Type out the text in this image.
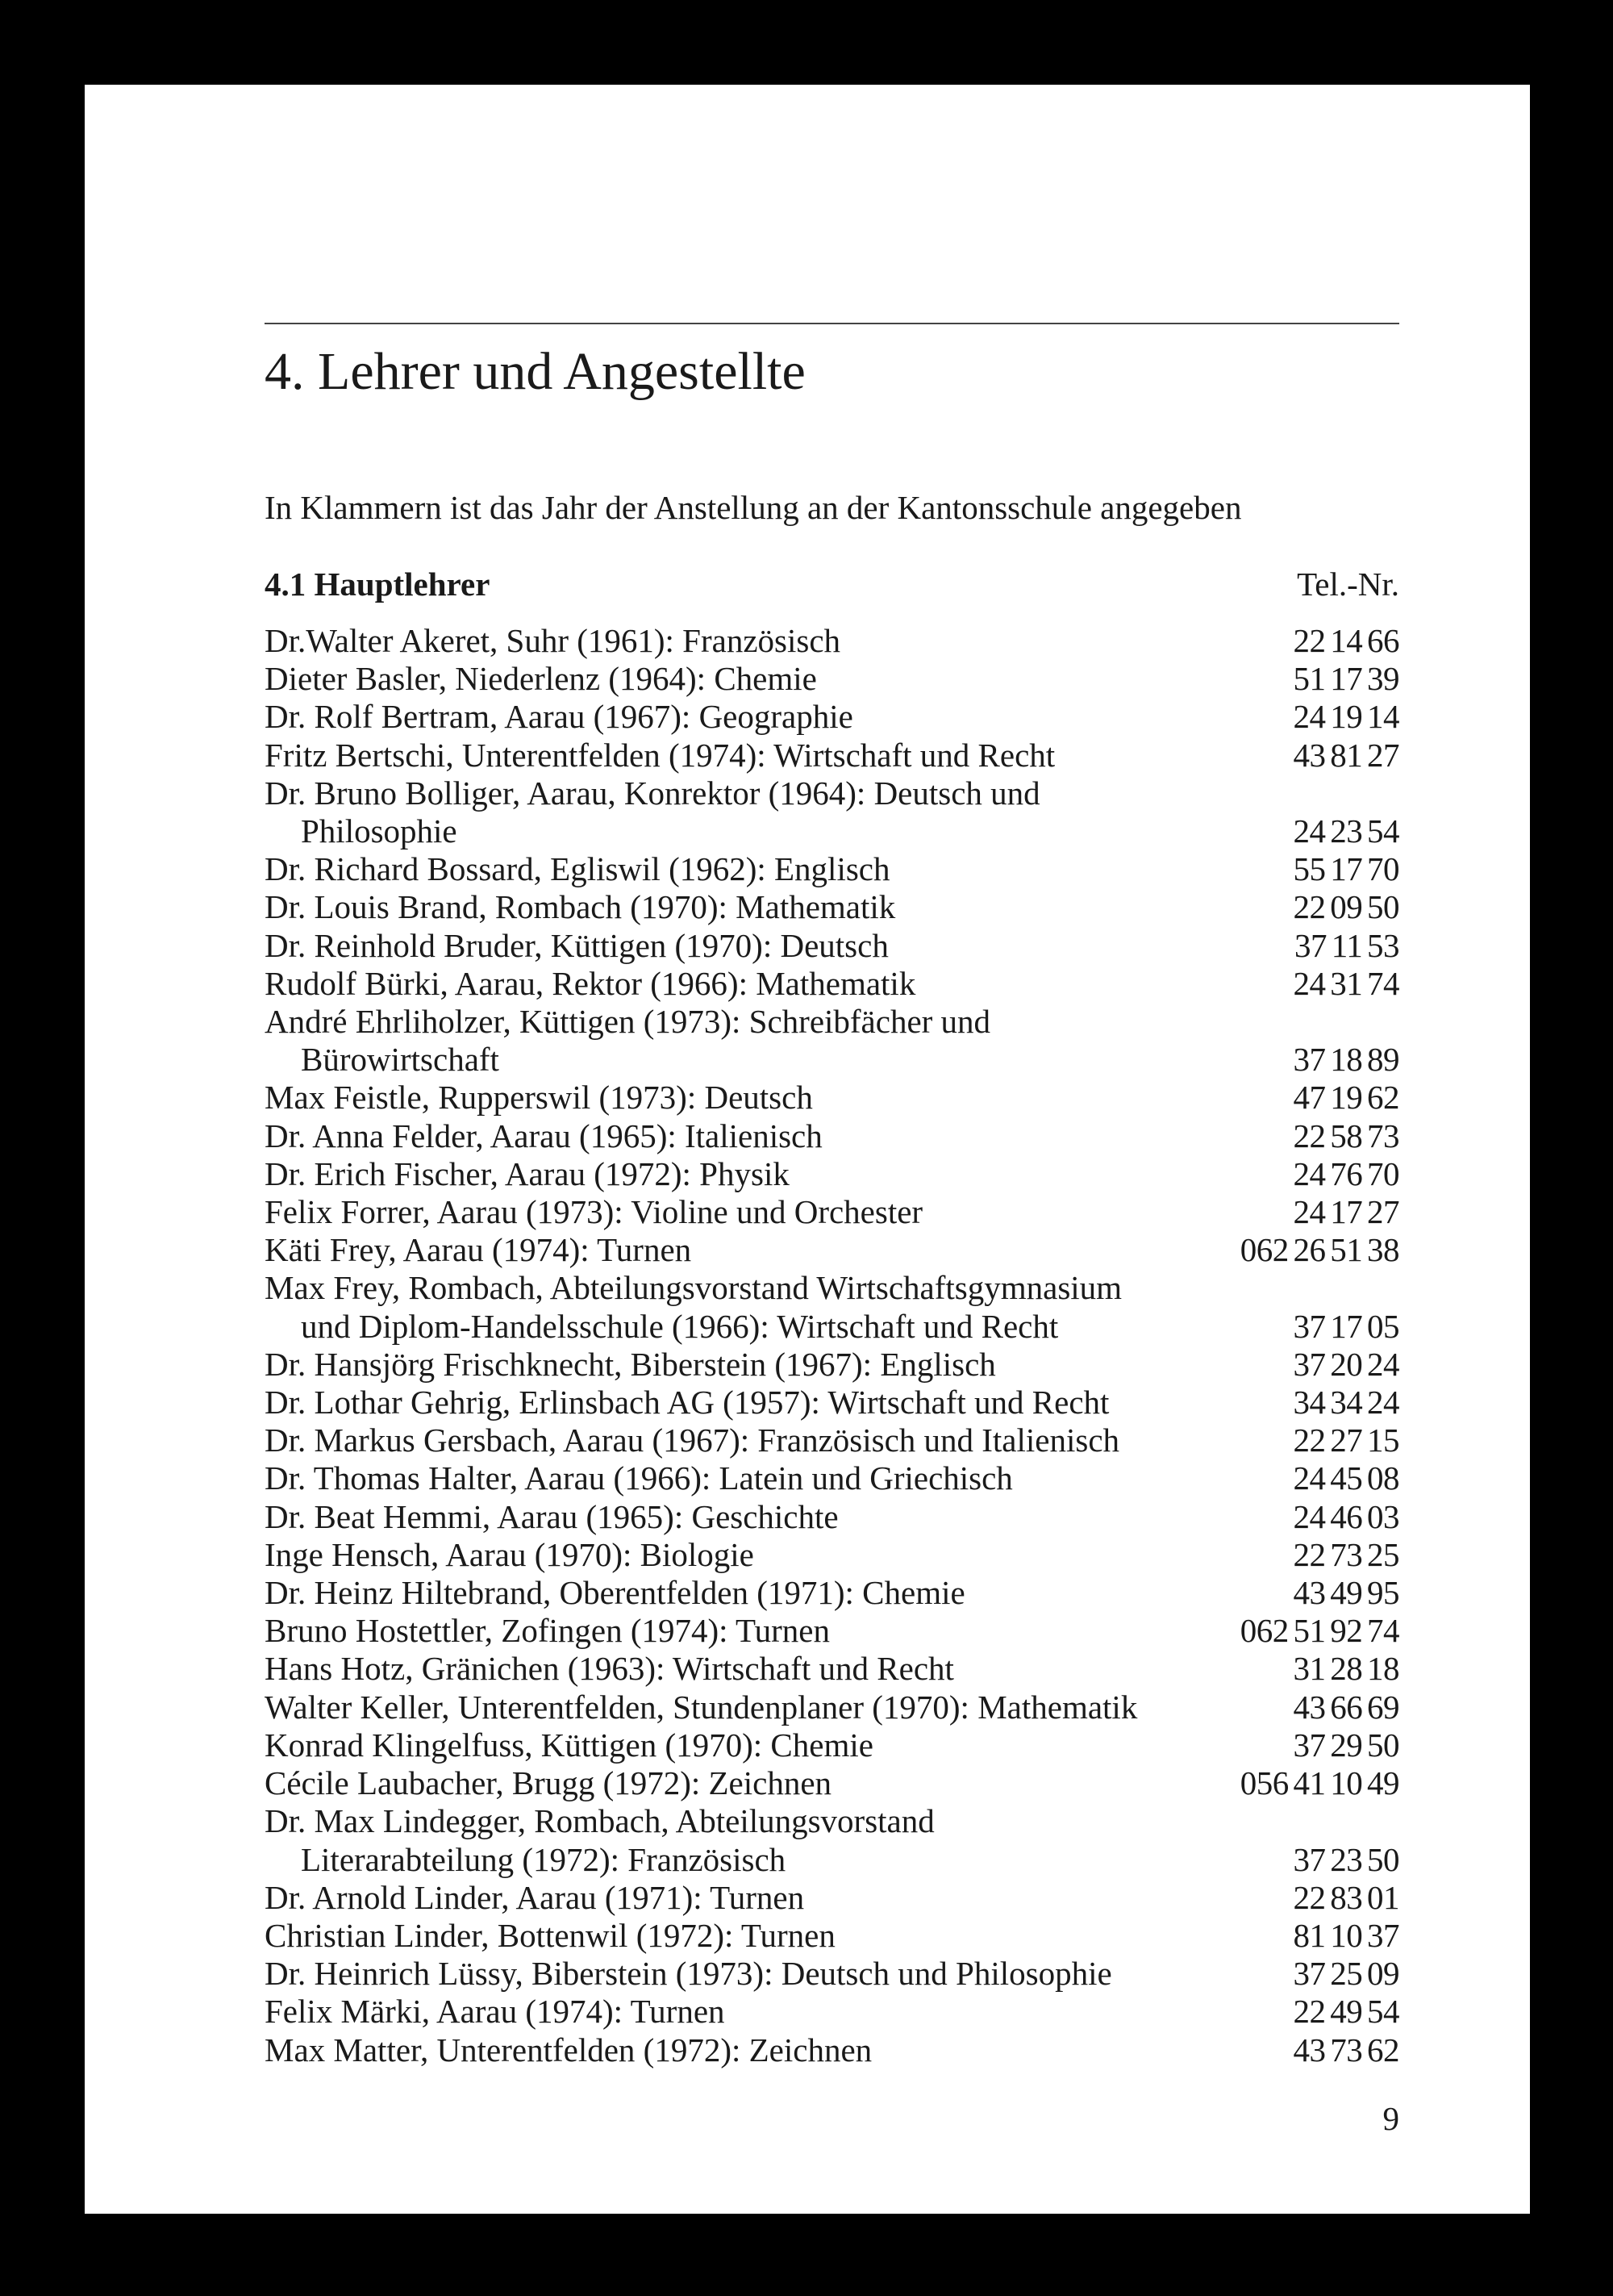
4. Lehrer und Angestellte
In Klammern ist das Jahr der Anstellung an der Kantonsschule angegeben
4.1 Hauptlehrer	Tel.-Nr.
Dr.Walter Akeret, Suhr (1961): Französisch	22 14 66
Dieter Basler, Niederlenz (1964): Chemie	51 17 39
Dr. Rolf Bertram, Aarau (1967): Geographie	24 19 14
Fritz Bertschi, Unterentfelden (1974): Wirtschaft und Recht	43 81 27
Dr. Bruno Bolliger, Aarau, Konrektor (1964): Deutsch und
Philosophie	24 23 54
Dr. Richard Bossard, Egliswil (1962): Englisch	55 17 70
Dr. Louis Brand, Rombach (1970): Mathematik	22 09 50
Dr. Reinhold Bruder, Küttigen (1970): Deutsch	37 11 53
Rudolf Bürki, Aarau, Rektor (1966): Mathematik	24 31 74
André Ehrliholzer, Küttigen (1973): Schreibfächer und
Bürowirtschaft	37 18 89
Max Feistle, Rupperswil (1973): Deutsch	47 19 62
Dr. Anna Felder, Aarau (1965): Italienisch	22 58 73
Dr. Erich Fischer, Aarau (1972): Physik	24 76 70
Felix Forrer, Aarau (1973): Violine und Orchester	24 17 27
Käti Frey, Aarau (1974): Turnen	062 26 51 38
Max Frey, Rombach, Abteilungsvorstand Wirtschaftsgymnasium
und Diplom-Handelsschule (1966): Wirtschaft und Recht	37 17 05
Dr. Hansjörg Frischknecht, Biberstein (1967): Englisch	37 20 24
Dr. Lothar Gehrig, Erlinsbach AG (1957): Wirtschaft und Recht	34 34 24
Dr. Markus Gersbach, Aarau (1967): Französisch und Italienisch	22 27 15
Dr. Thomas Halter, Aarau (1966): Latein und Griechisch	24 45 08
Dr. Beat Hemmi, Aarau (1965): Geschichte	24 46 03
Inge Hensch, Aarau (1970): Biologie	22 73 25
Dr. Heinz Hiltebrand, Oberentfelden (1971): Chemie	43 49 95
Bruno Hostettler, Zofingen (1974): Turnen	062 51 92 74
Hans Hotz, Gränichen (1963): Wirtschaft und Recht	31 28 18
Walter Keller, Unterentfelden, Stundenplaner (1970): Mathematik	43 66 69
Konrad Klingelfuss, Küttigen (1970): Chemie	37 29 50
Cécile Laubacher, Brugg (1972): Zeichnen	056 41 10 49
Dr. Max Lindegger, Rombach, Abteilungsvorstand
Literarabteilung (1972): Französisch	37 23 50
Dr. Arnold Linder, Aarau (1971): Turnen	22 83 01
Christian Linder, Bottenwil (1972): Turnen	81 10 37
Dr. Heinrich Lüssy, Biberstein (1973): Deutsch und Philosophie	37 25 09
Felix Märki, Aarau (1974): Turnen	22 49 54
Max Matter, Unterentfelden (1972): Zeichnen	43 73 62
9
